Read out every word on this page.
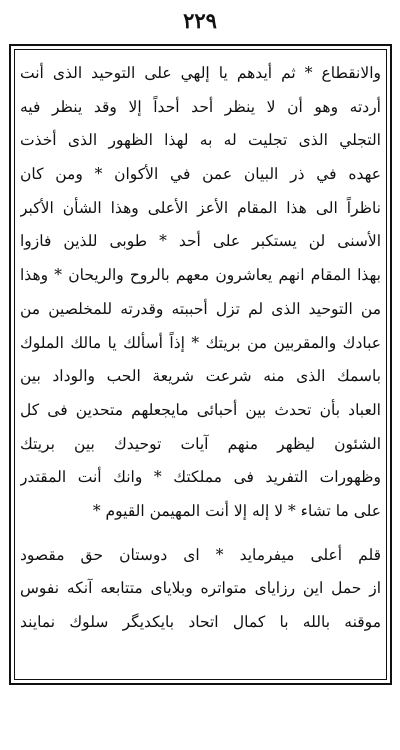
٢٢٩
والانقطاع * ثم أيدهم يا إلهي على التوحيد الذى أنت
أردته وهو أن لا ينظر أحد أحداً إلا وقد ينظر فيه
التجلي الذى تجليت له به لهذا الظهور الذى أخذت
عهده في ذر البيان عمن في الأكوان * ومن كان
ناظراً الى هذا المقام الأعز الأعلى وهذا الشأن الأكبر
الأسنى لن يستكبر على أحد * طوبى للذين فازوا
بهذا المقام انهم يعاشرون معهم بالروح والريحان * وهذا
من التوحيد الذى لم تزل أحببته وقدرته للمخلصين من
عبادك والمقربين من بريتك * إذاً أسألك يا مالك الملوك
باسمك الذى منه شرعت شريعة الحب والوداد بين
العباد بأن تحدث بين أحبائى مايجعلهم متحدين فى كل
الشئون ليظهر منهم آيات توحيدك بين بريتك
وظهورات التفريد فى مملكتك * وانك أنت المقتدر
على ما تشاء * لا إله إلا أنت المهيمن القيوم *
قلم أعلى ميفرمايد * اى دوستان حق مقصود
از حمل اين رزايای متواتره وبلايای متتابعه آنكه نفوس
موقنه بالله با كمال اتحاد بايكديگر سلوك نمايند
